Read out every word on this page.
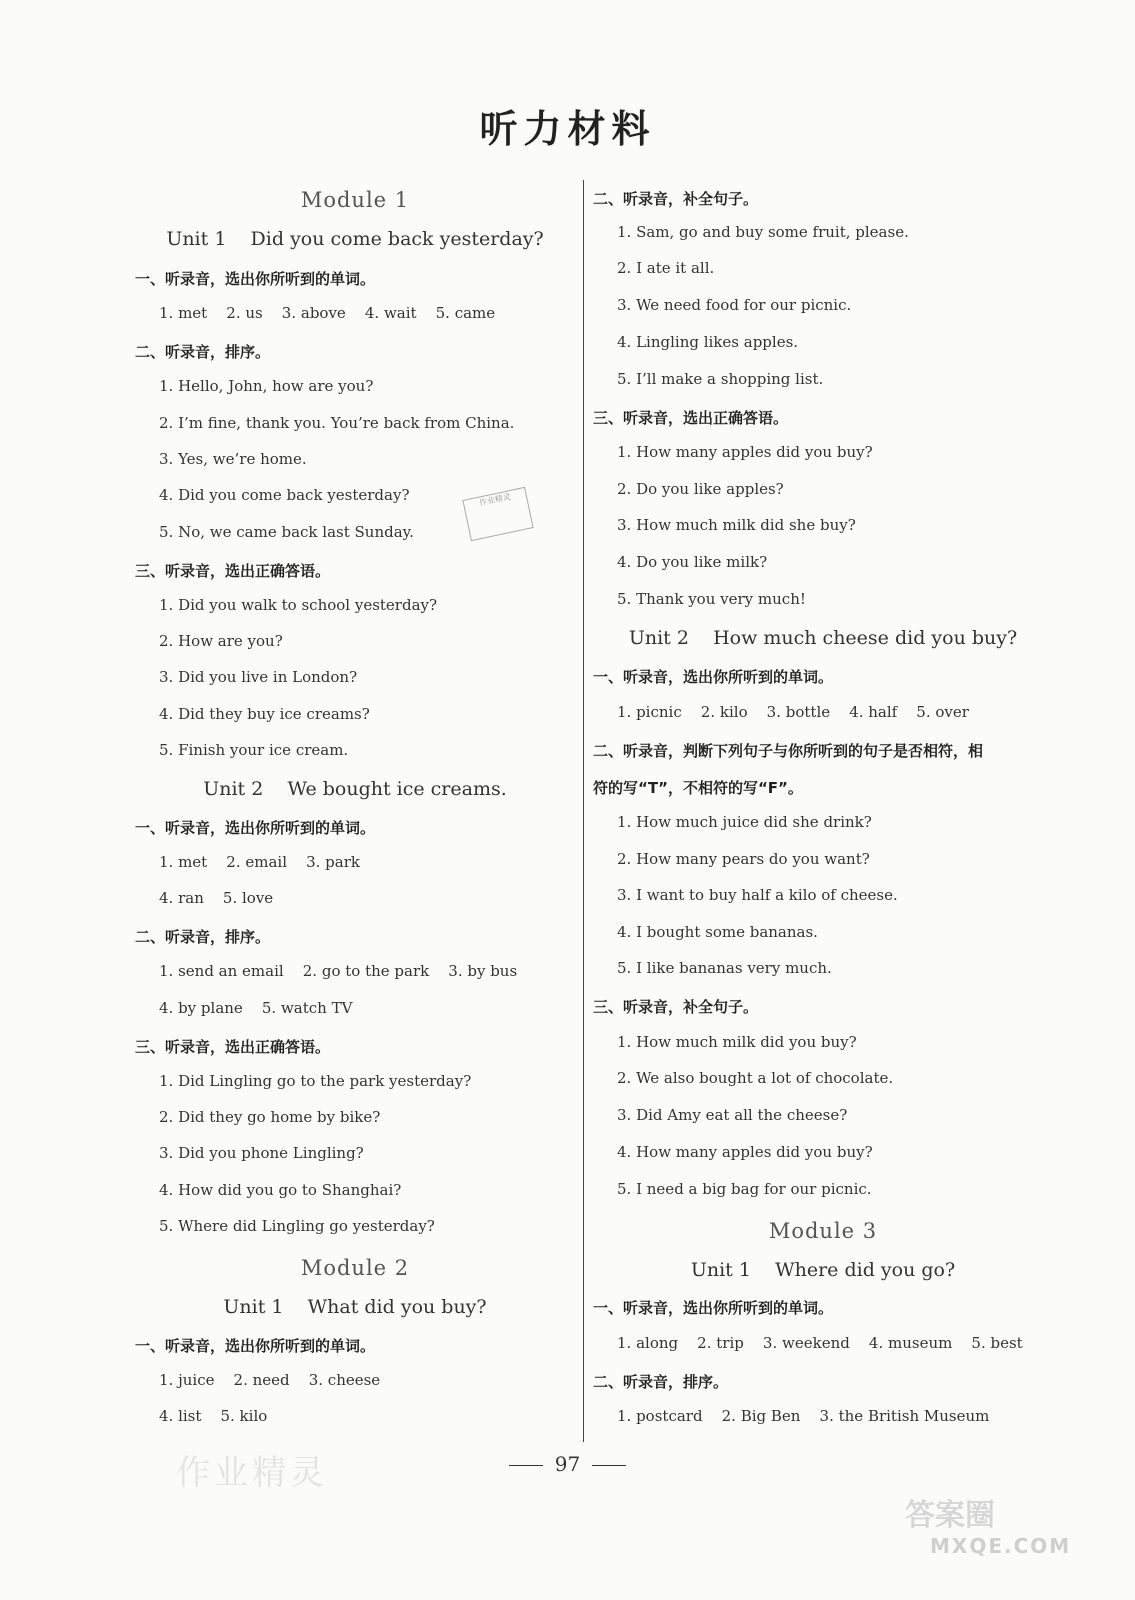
听力材料
Module 1
Unit 1    Did you come back yesterday?
一、听录音，选出你所听到的单词。
1. met    2. us    3. above    4. wait    5. came
二、听录音，排序。
1. Hello, John, how are you?
2. I’m fine, thank you. You’re back from China.
3. Yes, we’re home.
4. Did you come back yesterday?
5. No, we came back last Sunday.
三、听录音，选出正确答语。
1. Did you walk to school yesterday?
2. How are you?
3. Did you live in London?
4. Did they buy ice creams?
5. Finish your ice cream.
Unit 2    We bought ice creams.
一、听录音，选出你所听到的单词。
1. met    2. email    3. park
4. ran    5. love
二、听录音，排序。
1. send an email    2. go to the park    3. by bus
4. by plane    5. watch TV
三、听录音，选出正确答语。
1. Did Lingling go to the park yesterday?
2. Did they go home by bike?
3. Did you phone Lingling?
4. How did you go to Shanghai?
5. Where did Lingling go yesterday?
Module 2
Unit 1    What did you buy?
一、听录音，选出你所听到的单词。
1. juice    2. need    3. cheese
4. list    5. kilo
二、听录音，补全句子。
1. Sam, go and buy some fruit, please.
2. I ate it all.
3. We need food for our picnic.
4. Lingling likes apples.
5. I’ll make a shopping list.
三、听录音，选出正确答语。
1. How many apples did you buy?
2. Do you like apples?
3. How much milk did she buy?
4. Do you like milk?
5. Thank you very much!
Unit 2    How much cheese did you buy?
一、听录音，选出你所听到的单词。
1. picnic    2. kilo    3. bottle    4. half    5. over
二、听录音，判断下列句子与你所听到的句子是否相符，相
符的写“T”，不相符的写“F”。
1. How much juice did she drink?
2. How many pears do you want?
3. I want to buy half a kilo of cheese.
4. I bought some bananas.
5. I like bananas very much.
三、听录音，补全句子。
1. How much milk did you buy?
2. We also bought a lot of chocolate.
3. Did Amy eat all the cheese?
4. How many apples did you buy?
5. I need a big bag for our picnic.
Module 3
Unit 1    Where did you go?
一、听录音，选出你所听到的单词。
1. along    2. trip    3. weekend    4. museum    5. best
二、听录音，排序。
1. postcard    2. Big Ben    3. the British Museum
作业精灵
97
作业精灵
答案圈
MXQE.COM
